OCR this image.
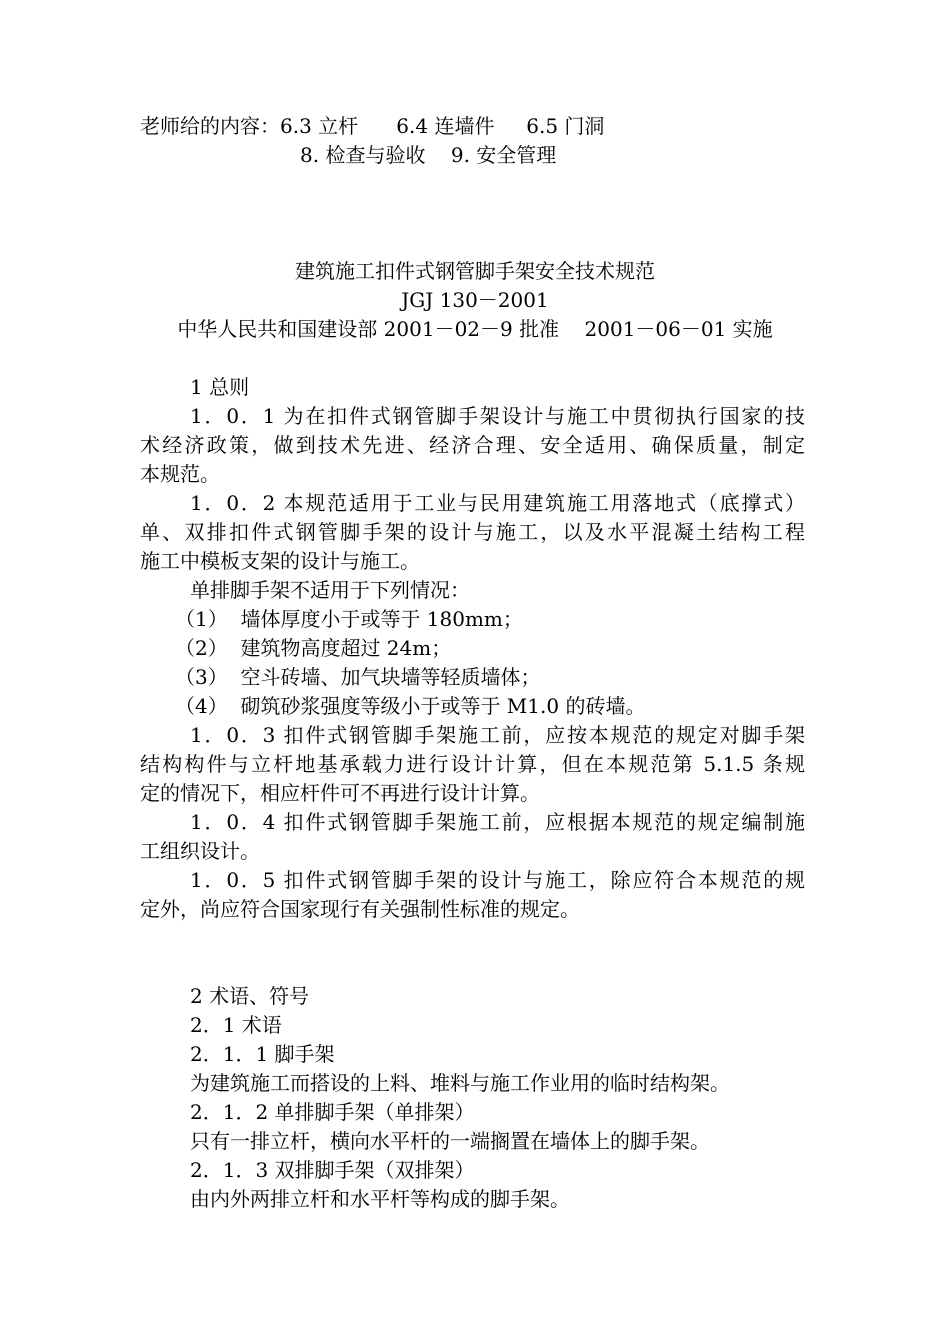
老师给的内容：6.3 立杆      6.4 连墙件     6.5 门洞
8. 检查与验收    9. 安全管理
建筑施工扣件式钢管脚手架安全技术规范
JGJ 130－2001
中华人民共和国建设部 2001－02－9 批准    2001－06－01 实施
1 总则
1．0．1 为在扣件式钢管脚手架设计与施工中贯彻执行国家的技
术经济政策，做到技术先进、经济合理、安全适用、确保质量，制定
本规范。
1．0．2 本规范适用于工业与民用建筑施工用落地式（底撑式）
单、双排扣件式钢管脚手架的设计与施工，以及水平混凝土结构工程
施工中模板支架的设计与施工。
单排脚手架不适用于下列情况：
（1）  墙体厚度小于或等于 180mm；
（2）  建筑物高度超过 24m；
（3）  空斗砖墙、加气块墙等轻质墙体；
（4）  砌筑砂浆强度等级小于或等于 M1.0 的砖墙。
1．0．3 扣件式钢管脚手架施工前，应按本规范的规定对脚手架
结构构件与立杆地基承载力进行设计计算，但在本规范第 5.1.5 条规
定的情况下，相应杆件可不再进行设计计算。
1．0．4 扣件式钢管脚手架施工前，应根据本规范的规定编制施
工组织设计。
1．0．5 扣件式钢管脚手架的设计与施工，除应符合本规范的规
定外，尚应符合国家现行有关强制性标准的规定。
2 术语、符号
2．1 术语
2．1．1 脚手架
为建筑施工而搭设的上料、堆料与施工作业用的临时结构架。
2．1．2 单排脚手架（单排架）
只有一排立杆，横向水平杆的一端搁置在墙体上的脚手架。
2．1．3 双排脚手架（双排架）
由内外两排立杆和水平杆等构成的脚手架。
